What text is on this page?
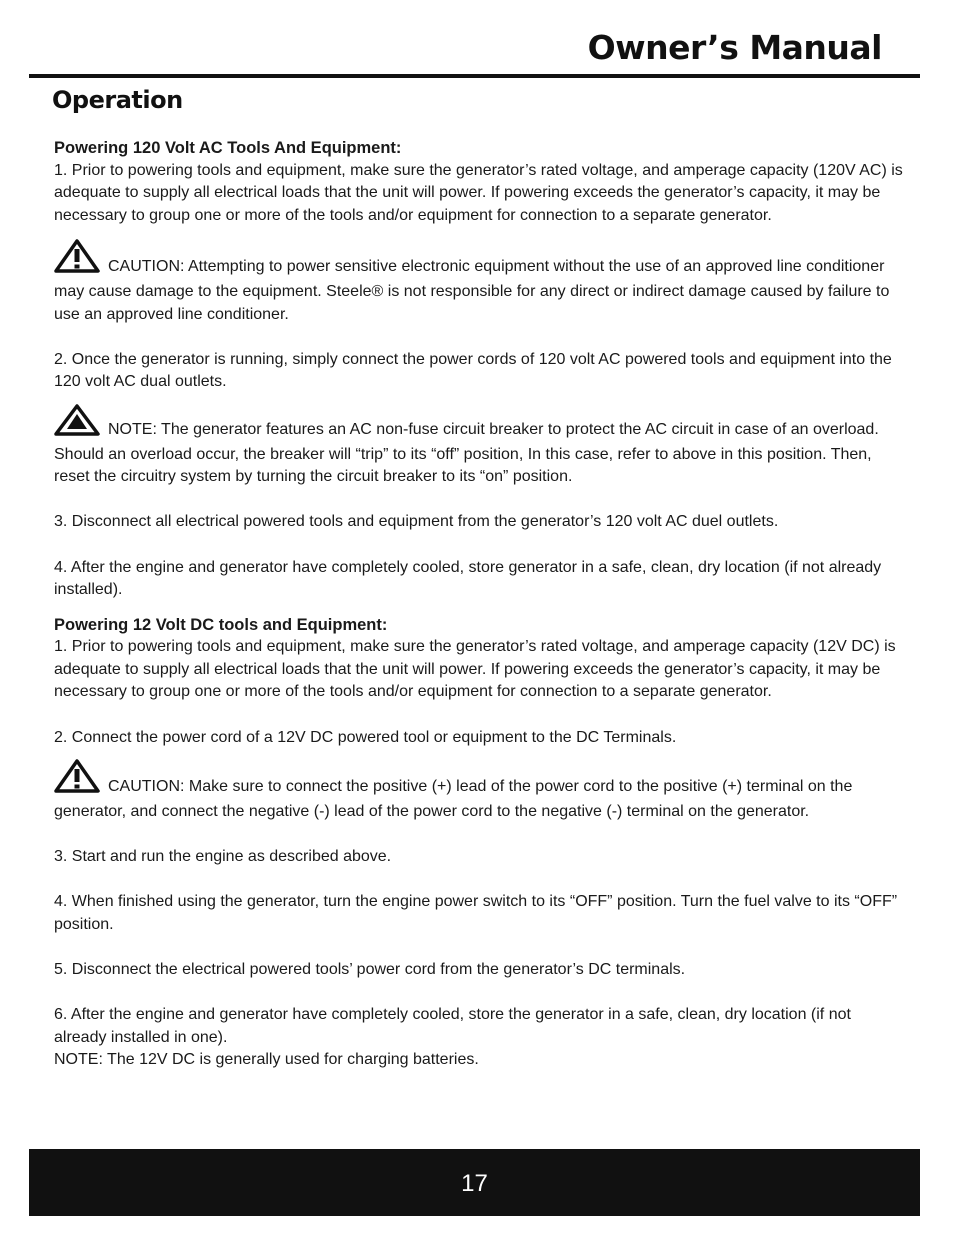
Owner’s Manual
Operation

Powering 120 Volt AC Tools And Equipment:

1. Prior to powering tools and equipment, make sure the generator’s rated voltage, and amperage capacity (120V AC) is adequate to supply all electrical loads that the unit will power. If powering exceeds the generator’s capacity, it may be necessary to group one or more of the tools and/or equipment for connection to a separate generator.

CAUTION: Attempting to power sensitive electronic equipment without the use of an approved line conditioner may cause damage to the equipment. Steele® is not responsible for any direct or indirect damage caused by failure to use an approved line conditioner.

2. Once the generator is running, simply connect the power cords of 120 volt AC powered tools and equipment into the 120 volt AC dual outlets.

NOTE: The generator features an AC non-fuse circuit breaker to protect the AC circuit in case of an overload. Should an overload occur, the breaker will “trip” to its “off” position, In this case, refer to above in this position. Then, reset the circuitry system by turning the circuit breaker to its “on” position.

3. Disconnect all electrical powered tools and equipment from the generator’s 120 volt AC duel outlets.

4. After the engine and generator have completely cooled, store generator in a safe, clean, dry location (if not already installed).

Powering 12 Volt DC tools and Equipment:

1. Prior to powering tools and equipment, make sure the generator’s rated voltage, and amperage capacity (12V DC) is adequate to supply all electrical loads that the unit will power. If powering exceeds the generator’s capacity, it may be necessary to group one or more of the tools and/or equipment for connection to a separate generator.

2. Connect the power cord of a 12V DC powered tool or equipment to the DC Terminals.

CAUTION: Make sure to connect the positive (+) lead of the power cord to the positive (+) terminal on the generator, and connect the negative (-) lead of the power cord to the negative (-) terminal on the generator.

3. Start and run the engine as described above.

4. When finished using the generator, turn the engine power switch to its “OFF” position. Turn the fuel valve to its “OFF” position.

5. Disconnect the electrical powered tools’ power cord from the generator’s DC terminals.

6. After the engine and generator have completely cooled, store the generator in a safe, clean, dry location (if not already installed in one).

NOTE: The 12V DC is generally used for charging batteries.

17
